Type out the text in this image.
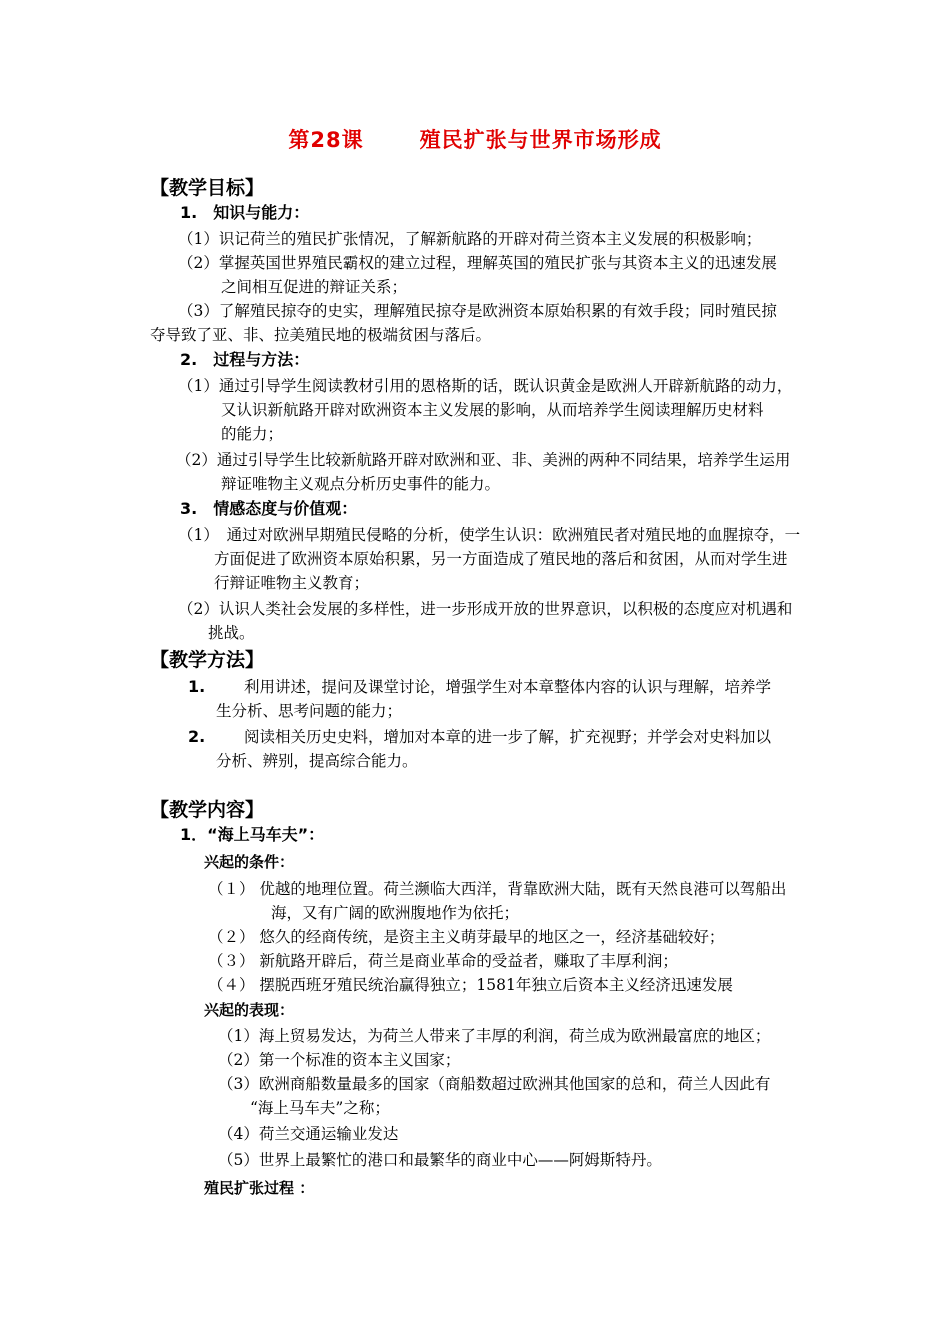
第28课	殖民扩张与世界市场形成
【教学目标】
1.　知识与能力：
（1）识记荷兰的殖民扩张情况，了解新航路的开辟对荷兰资本主义发展的积极影响；
（2）掌握英国世界殖民霸权的建立过程，理解英国的殖民扩张与其资本主义的迅速发展
之间相互促进的辩证关系；
（3）了解殖民掠夺的史实，理解殖民掠夺是欧洲资本原始积累的有效手段；同时殖民掠
夺导致了亚、非、拉美殖民地的极端贫困与落后。
2.　过程与方法：
（1）通过引导学生阅读教材引用的恩格斯的话，既认识黄金是欧洲人开辟新航路的动力，
又认识新航路开辟对欧洲资本主义发展的影响，从而培养学生阅读理解历史材料
的能力；
（2）通过引导学生比较新航路开辟对欧洲和亚、非、美洲的两种不同结果，培养学生运用
辩证唯物主义观点分析历史事件的能力。
3.　情感态度与价值观：
（1）　通过对欧洲早期殖民侵略的分析，使学生认识：欧洲殖民者对殖民地的血腥掠夺，一
方面促进了欧洲资本原始积累，另一方面造成了殖民地的落后和贫困，从而对学生进
行辩证唯物主义教育；
（2）认识人类社会发展的多样性，进一步形成开放的世界意识，以积极的态度应对机遇和
挑战。
【教学方法】
1.	利用讲述，提问及课堂讨论，增强学生对本章整体内容的认识与理解，培养学
生分析、思考问题的能力；
2.	阅读相关历史史料，增加对本章的进一步了解，扩充视野；并学会对史料加以
分析、辨别，提高综合能力。
【教学内容】
1．“海上马车夫”：
兴起的条件：
（１） 优越的地理位置。荷兰濒临大西洋，背靠欧洲大陆，既有天然良港可以驾船出
海，又有广阔的欧洲腹地作为依托；
（２） 悠久的经商传统，是资主主义萌芽最早的地区之一，经济基础较好；
（３） 新航路开辟后，荷兰是商业革命的受益者，赚取了丰厚利润；
（４） 摆脱西班牙殖民统治赢得独立；1581年独立后资本主义经济迅速发展
兴起的表现：
（1）海上贸易发达，为荷兰人带来了丰厚的利润，荷兰成为欧洲最富庶的地区；
（2）第一个标准的资本主义国家；
（3）欧洲商船数量最多的国家（商船数超过欧洲其他国家的总和，荷兰人因此有
“海上马车夫”之称；
（4）荷兰交通运输业发达
（5）世界上最繁忙的港口和最繁华的商业中心——阿姆斯特丹。
殖民扩张过程 ：
